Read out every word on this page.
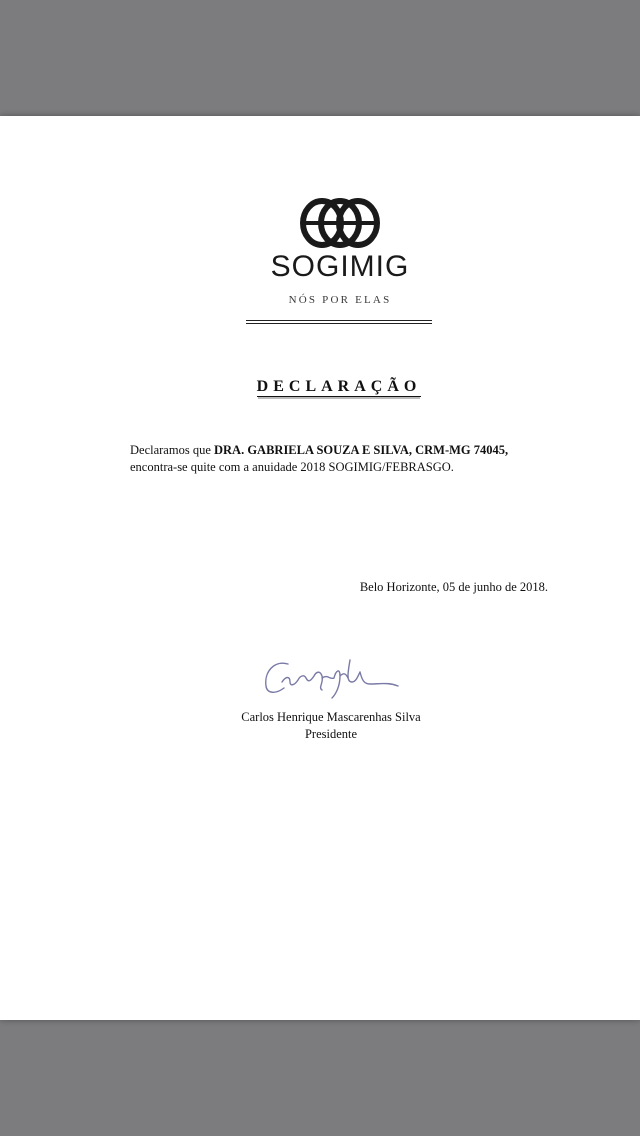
SOGIMIG
NÓS POR ELAS
DECLARAÇÃO
Declaramos que DRA. GABRIELA SOUZA E SILVA, CRM-MG 74045,
encontra-se quite com a anuidade 2018 SOGIMIG/FEBRASGO.
Belo Horizonte, 05 de junho de 2018.
Carlos Henrique Mascarenhas Silva
Presidente
